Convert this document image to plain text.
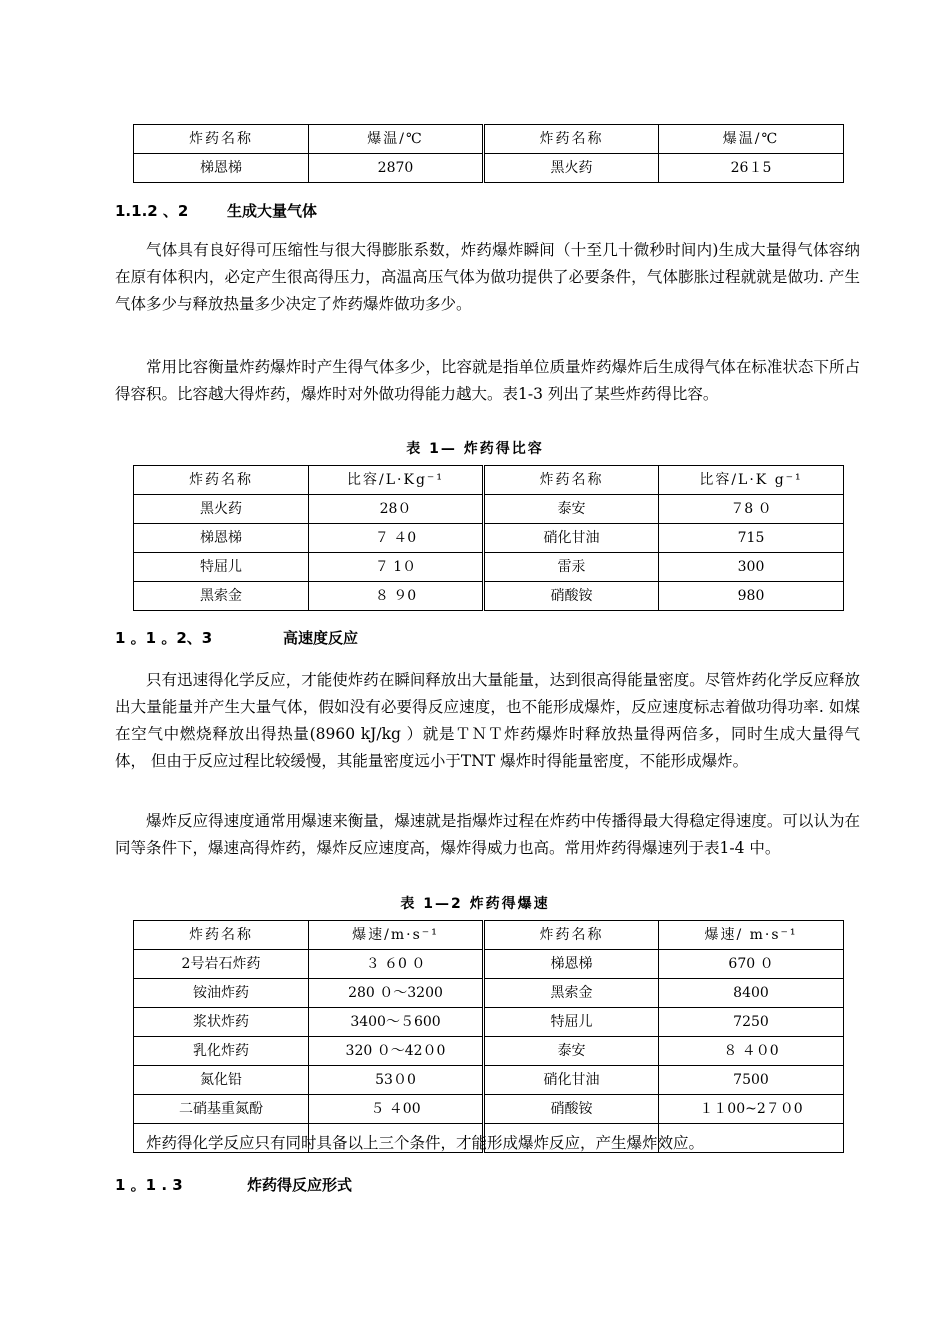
炸药名称	爆温/℃	炸药名称	爆温/℃
梯恩梯	2870	黑火药	26１5
1.1.2 、2	生成大量气体

气体具有良好得可压缩性与很大得膨胀系数，炸药爆炸瞬间（十至几十微秒时间内)生成大量得气体容纳在原有体积内，必定产生很高得压力，高温高压气体为做功提供了必要条件，气体膨胀过程就就是做功. 产生气体多少与释放热量多少决定了炸药爆炸做功多少。

常用比容衡量炸药爆炸时产生得气体多少，比容就是指单位质量炸药爆炸后生成得气体在标准状态下所占得容积。比容越大得炸药，爆炸时对外做功得能力越大。表1-3 列出了某些炸药得比容。

表 1— 炸药得比容
炸药名称	比容/L·Kg⁻¹	炸药名称	比容/L·K g⁻¹
黑火药	28０	泰安	７8 ０
梯恩梯	７ ４0	硝化甘油	715
特屈儿	７ 1０	雷汞	300
黑索金	８ ９0	硝酸铵	980
1 。1 。2、3	高速度反应

只有迅速得化学反应，才能使炸药在瞬间释放出大量能量，达到很高得能量密度。尽管炸药化学反应释放出大量能量并产生大量气体，假如没有必要得反应速度，也不能形成爆炸，反应速度标志着做功得功率. 如煤在空气中燃烧释放出得热量(8960 kJ/kg ）就是ＴＮＴ炸药爆炸时释放热量得两倍多，同时生成大量得气体， 但由于反应过程比较缓慢，其能量密度远小于TNT 爆炸时得能量密度，不能形成爆炸。

爆炸反应得速度通常用爆速来衡量，爆速就是指爆炸过程在炸药中传播得最大得稳定得速度。可以认为在同等条件下，爆速高得炸药，爆炸反应速度高，爆炸得威力也高。常用炸药得爆速列于表1-4 中。

表 1—2 炸药得爆速
炸药名称	爆速/m·s⁻¹	炸药名称	爆速/ m·s⁻¹
2号岩石炸药	３ ６0 ０	梯恩梯	670 ０
铵油炸药	280 ０～3200	黑索金	8400
浆状炸药	3400～５600	特屈儿	7250
乳化炸药	320 ０～42０0	泰安	８ ４０0
氮化铅	53０0	硝化甘油	7500
二硝基重氮酚	５ ４00	硝酸铵	１１00~2７０0

炸药得化学反应只有同时具备以上三个条件，才能形成爆炸反应，产生爆炸效应。

1 。1 . 3	炸药得反应形式
